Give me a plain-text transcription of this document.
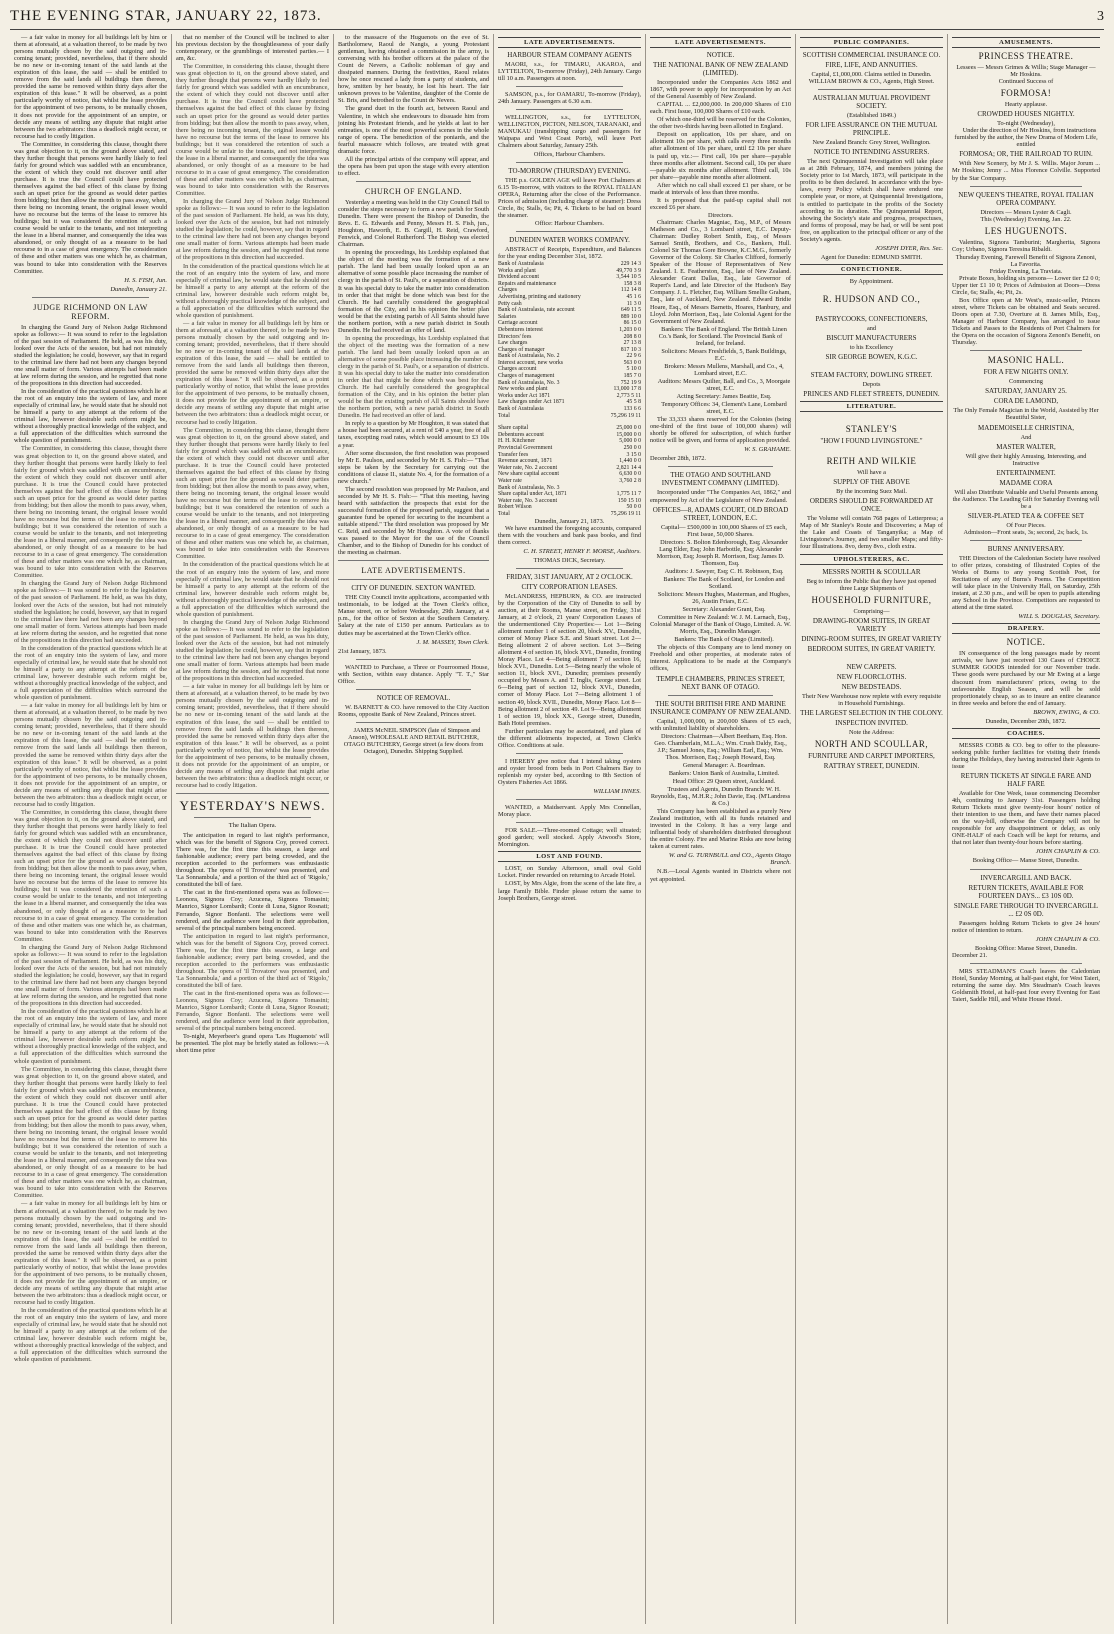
THE EVENING STAR, JANUARY 22, 1873.	3

— a fair value in money for all buildings left by him or them at aforesaid, at a valuation thereof, to be made by two persons mutually chosen by the said outgoing and in-coming tenant; provided, nevertheless, that if there should be no new or in-coming tenant of the said lands at the expiration of this lease, the said — shall be entitled to remove from the said lands all buildings then thereon, provided the same be removed within thirty days after the expiration of this lease." It will be observed, as a point particularly worthy of notice, that whilst the lease provides for the appointment of two persons, to be mutually chosen, it does not provide for the appointment of an umpire, or decide any means of settling any dispute that might arise between the two arbitrators: thus a deadlock might occur, or recourse had to costly litigation.

The Committee, in considering this clause, thought there was great objection to it, on the ground above stated, and they further thought that persons were hardly likely to feel fairly for ground which was saddled with an encumbrance, the extent of which they could not discover until after purchase. It is true the Council could have protected themselves against the bad effect of this clause by fixing such an upset price for the ground as would deter parties from bidding; but then allow the month to pass away, when, there being no incoming tenant, the original lessee would have no recourse but the terms of the lease to remove his buildings; but it was considered the retention of such a course would be unfair to the tenants, and not interpreting the lease in a liberal manner, and consequently the idea was abandoned, or only thought of as a measure to be had recourse to in a case of great emergency. The consideration of these and other matters was one which he, as chairman, was bound to take into consideration with the Reserves Committee.

H. S. FISH, Jun.
Dunedin, January 21.
JUDGE RICHMOND ON LAW REFORM.

In charging the Grand Jury of Nelson Judge Richmond spoke as follows:— It was sound to refer to the legislation of the past session of Parliament. He held, as was his duty, looked over the Acts of the session, but had not minutely studied the legislation; he could, however, say that in regard to the criminal law there had not been any changes beyond one small matter of form. Various attempts had been made at law reform during the session, and he regretted that none of the propositions in this direction had succeeded.

In the consideration of the practical questions which lie at the root of an enquiry into the system of law, and more especially of criminal law, he would state that he should not be himself a party to any attempt at the reform of the criminal law, however desirable such reform might be, without a thoroughly practical knowledge of the subject, and a full appreciation of the difficulties which surround the whole question of punishment.

The Committee, in considering this clause, thought there was great objection to it, on the ground above stated, and they further thought that persons were hardly likely to feel fairly for ground which was saddled with an encumbrance, the extent of which they could not discover until after purchase. It is true the Council could have protected themselves against the bad effect of this clause by fixing such an upset price for the ground as would deter parties from bidding; but then allow the month to pass away, when, there being no incoming tenant, the original lessee would have no recourse but the terms of the lease to remove his buildings; but it was considered the retention of such a course would be unfair to the tenants, and not interpreting the lease in a liberal manner, and consequently the idea was abandoned, or only thought of as a measure to be had recourse to in a case of great emergency. The consideration of these and other matters was one which he, as chairman, was bound to take into consideration with the Reserves Committee.

In charging the Grand Jury of Nelson Judge Richmond spoke as follows:— It was sound to refer to the legislation of the past session of Parliament. He held, as was his duty, looked over the Acts of the session, but had not minutely studied the legislation; he could, however, say that in regard to the criminal law there had not been any changes beyond one small matter of form. Various attempts had been made at law reform during the session, and he regretted that none of the propositions in this direction had succeeded.

In the consideration of the practical questions which lie at the root of an enquiry into the system of law, and more especially of criminal law, he would state that he should not be himself a party to any attempt at the reform of the criminal law, however desirable such reform might be, without a thoroughly practical knowledge of the subject, and a full appreciation of the difficulties which surround the whole question of punishment.

— a fair value in money for all buildings left by him or them at aforesaid, at a valuation thereof, to be made by two persons mutually chosen by the said outgoing and in-coming tenant; provided, nevertheless, that if there should be no new or in-coming tenant of the said lands at the expiration of this lease, the said — shall be entitled to remove from the said lands all buildings then thereon, provided the same be removed within thirty days after the expiration of this lease." It will be observed, as a point particularly worthy of notice, that whilst the lease provides for the appointment of two persons, to be mutually chosen, it does not provide for the appointment of an umpire, or decide any means of settling any dispute that might arise between the two arbitrators: thus a deadlock might occur, or recourse had to costly litigation.

The Committee, in considering this clause, thought there was great objection to it, on the ground above stated, and they further thought that persons were hardly likely to feel fairly for ground which was saddled with an encumbrance, the extent of which they could not discover until after purchase. It is true the Council could have protected themselves against the bad effect of this clause by fixing such an upset price for the ground as would deter parties from bidding; but then allow the month to pass away, when, there being no incoming tenant, the original lessee would have no recourse but the terms of the lease to remove his buildings; but it was considered the retention of such a course would be unfair to the tenants, and not interpreting the lease in a liberal manner, and consequently the idea was abandoned, or only thought of as a measure to be had recourse to in a case of great emergency. The consideration of these and other matters was one which he, as chairman, was bound to take into consideration with the Reserves Committee.

In charging the Grand Jury of Nelson Judge Richmond spoke as follows:— It was sound to refer to the legislation of the past session of Parliament. He held, as was his duty, looked over the Acts of the session, but had not minutely studied the legislation; he could, however, say that in regard to the criminal law there had not been any changes beyond one small matter of form. Various attempts had been made at law reform during the session, and he regretted that none of the propositions in this direction had succeeded.

In the consideration of the practical questions which lie at the root of an enquiry into the system of law, and more especially of criminal law, he would state that he should not be himself a party to any attempt at the reform of the criminal law, however desirable such reform might be, without a thoroughly practical knowledge of the subject, and a full appreciation of the difficulties which surround the whole question of punishment.

The Committee, in considering this clause, thought there was great objection to it, on the ground above stated, and they further thought that persons were hardly likely to feel fairly for ground which was saddled with an encumbrance, the extent of which they could not discover until after purchase. It is true the Council could have protected themselves against the bad effect of this clause by fixing such an upset price for the ground as would deter parties from bidding; but then allow the month to pass away, when, there being no incoming tenant, the original lessee would have no recourse but the terms of the lease to remove his buildings; but it was considered the retention of such a course would be unfair to the tenants, and not interpreting the lease in a liberal manner, and consequently the idea was abandoned, or only thought of as a measure to be had recourse to in a case of great emergency. The consideration of these and other matters was one which he, as chairman, was bound to take into consideration with the Reserves Committee.

— a fair value in money for all buildings left by him or them at aforesaid, at a valuation thereof, to be made by two persons mutually chosen by the said outgoing and in-coming tenant; provided, nevertheless, that if there should be no new or in-coming tenant of the said lands at the expiration of this lease, the said — shall be entitled to remove from the said lands all buildings then thereon, provided the same be removed within thirty days after the expiration of this lease." It will be observed, as a point particularly worthy of notice, that whilst the lease provides for the appointment of two persons, to be mutually chosen, it does not provide for the appointment of an umpire, or decide any means of settling any dispute that might arise between the two arbitrators: thus a deadlock might occur, or recourse had to costly litigation.

In the consideration of the practical questions which lie at the root of an enquiry into the system of law, and more especially of criminal law, he would state that he should not be himself a party to any attempt at the reform of the criminal law, however desirable such reform might be, without a thoroughly practical knowledge of the subject, and a full appreciation of the difficulties which surround the whole question of punishment.

that no member of the Council will be inclined to alter his previous decision by the thoughtlessness of your daily contemporary, or the grumblings of interested parties.— I am, &c.

The Committee, in considering this clause, thought there was great objection to it, on the ground above stated, and they further thought that persons were hardly likely to feel fairly for ground which was saddled with an encumbrance, the extent of which they could not discover until after purchase. It is true the Council could have protected themselves against the bad effect of this clause by fixing such an upset price for the ground as would deter parties from bidding; but then allow the month to pass away, when, there being no incoming tenant, the original lessee would have no recourse but the terms of the lease to remove his buildings; but it was considered the retention of such a course would be unfair to the tenants, and not interpreting the lease in a liberal manner, and consequently the idea was abandoned, or only thought of as a measure to be had recourse to in a case of great emergency. The consideration of these and other matters was one which he, as chairman, was bound to take into consideration with the Reserves Committee.

In charging the Grand Jury of Nelson Judge Richmond spoke as follows:— It was sound to refer to the legislation of the past session of Parliament. He held, as was his duty, looked over the Acts of the session, but had not minutely studied the legislation; he could, however, say that in regard to the criminal law there had not been any changes beyond one small matter of form. Various attempts had been made at law reform during the session, and he regretted that none of the propositions in this direction had succeeded.

In the consideration of the practical questions which lie at the root of an enquiry into the system of law, and more especially of criminal law, he would state that he should not be himself a party to any attempt at the reform of the criminal law, however desirable such reform might be, without a thoroughly practical knowledge of the subject, and a full appreciation of the difficulties which surround the whole question of punishment.

— a fair value in money for all buildings left by him or them at aforesaid, at a valuation thereof, to be made by two persons mutually chosen by the said outgoing and in-coming tenant; provided, nevertheless, that if there should be no new or in-coming tenant of the said lands at the expiration of this lease, the said — shall be entitled to remove from the said lands all buildings then thereon, provided the same be removed within thirty days after the expiration of this lease." It will be observed, as a point particularly worthy of notice, that whilst the lease provides for the appointment of two persons, to be mutually chosen, it does not provide for the appointment of an umpire, or decide any means of settling any dispute that might arise between the two arbitrators: thus a deadlock might occur, or recourse had to costly litigation.

The Committee, in considering this clause, thought there was great objection to it, on the ground above stated, and they further thought that persons were hardly likely to feel fairly for ground which was saddled with an encumbrance, the extent of which they could not discover until after purchase. It is true the Council could have protected themselves against the bad effect of this clause by fixing such an upset price for the ground as would deter parties from bidding; but then allow the month to pass away, when, there being no incoming tenant, the original lessee would have no recourse but the terms of the lease to remove his buildings; but it was considered the retention of such a course would be unfair to the tenants, and not interpreting the lease in a liberal manner, and consequently the idea was abandoned, or only thought of as a measure to be had recourse to in a case of great emergency. The consideration of these and other matters was one which he, as chairman, was bound to take into consideration with the Reserves Committee.

In the consideration of the practical questions which lie at the root of an enquiry into the system of law, and more especially of criminal law, he would state that he should not be himself a party to any attempt at the reform of the criminal law, however desirable such reform might be, without a thoroughly practical knowledge of the subject, and a full appreciation of the difficulties which surround the whole question of punishment.

In charging the Grand Jury of Nelson Judge Richmond spoke as follows:— It was sound to refer to the legislation of the past session of Parliament. He held, as was his duty, looked over the Acts of the session, but had not minutely studied the legislation; he could, however, say that in regard to the criminal law there had not been any changes beyond one small matter of form. Various attempts had been made at law reform during the session, and he regretted that none of the propositions in this direction had succeeded.

— a fair value in money for all buildings left by him or them at aforesaid, at a valuation thereof, to be made by two persons mutually chosen by the said outgoing and in-coming tenant; provided, nevertheless, that if there should be no new or in-coming tenant of the said lands at the expiration of this lease, the said — shall be entitled to remove from the said lands all buildings then thereon, provided the same be removed within thirty days after the expiration of this lease." It will be observed, as a point particularly worthy of notice, that whilst the lease provides for the appointment of two persons, to be mutually chosen, it does not provide for the appointment of an umpire, or decide any means of settling any dispute that might arise between the two arbitrators: thus a deadlock might occur, or recourse had to costly litigation.

YESTERDAY'S NEWS.
The Italian Opera.

The anticipation in regard to last night's performance, which was for the benefit of Signora Coy, proved correct. There was, for the first time this season, a large and fashionable audience; every part being crowded, and the reception accorded to the performers was enthusiastic throughout. The opera of 'Il Trovatore' was presented, and 'La Sonnambula,' and a portion of the third act of 'Rigolo,' constituted the bill of fare.

The cast in the first-mentioned opera was as follows:—Leonora, Signora Coy; Azucena, Signora Tomasini; Manrico, Signor Lombardi; Conte di Luna, Signor Rosnati; Ferrando, Signor Bonfanti. The selections were well rendered, and the audience were loud in their approbation, several of the principal numbers being encored.

The anticipation in regard to last night's performance, which was for the benefit of Signora Coy, proved correct. There was, for the first time this season, a large and fashionable audience; every part being crowded, and the reception accorded to the performers was enthusiastic throughout. The opera of 'Il Trovatore' was presented, and 'La Sonnambula,' and a portion of the third act of 'Rigolo,' constituted the bill of fare.

The cast in the first-mentioned opera was as follows:—Leonora, Signora Coy; Azucena, Signora Tomasini; Manrico, Signor Lombardi; Conte di Luna, Signor Rosnati; Ferrando, Signor Bonfanti. The selections were well rendered, and the audience were loud in their approbation, several of the principal numbers being encored.

To-night, Meyerbeer's grand opera 'Les Huguenots' will be presented. The plot may be briefly stated as follows:—A short time prior

to the massacre of the Huguenots on the eve of St. Bartholomew, Raoul de Nangis, a young Protestant gentleman, having obtained a commission in the army, is conversing with his brother officers at the palace of the Count de Nevers, a Catholic nobleman of gay and dissipated manners. During the festivities, Raoul relates how he once rescued a lady from a party of students, and how, smitten by her beauty, he lost his heart. The fair unknown proves to be Valentine, daughter of the Comte de St. Bris, and betrothed to the Count de Nevers.

The grand duet in the fourth act, between Raoul and Valentine, in which she endeavours to dissuade him from joining his Protestant friends, and he yields at last to her entreaties, is one of the most powerful scenes in the whole range of opera. The benediction of the poniards, and the fearful massacre which follows, are treated with great dramatic force.

All the principal artists of the company will appear, and the opera has been put upon the stage with every attention to effect.

CHURCH OF ENGLAND.

Yesterday a meeting was held in the City Council Hall to consider the steps necessary to form a new parish for South Dunedin. There were present the Bishop of Dunedin, the Revs. E. G. Edwards and Penny, Messrs H. S. Fish, jun., Houghton, Haworth, E. B. Cargill, H. Reid, Crawford, Fenwick, and Colonel Rutherford. The Bishop was elected Chairman.

In opening the proceedings, his Lordship explained that the object of the meeting was the formation of a new parish. The land had been usually looked upon as an alternative of some possible place increasing the number of clergy in the parish of St. Paul's, or a separation of districts. It was his special duty to take the matter into consideration in order that that might be done which was best for the Church. He had carefully considered the geographical formation of the City, and in his opinion the better plan would be that the existing parish of All Saints should have the northern portion, with a new parish district in South Dunedin. He had received an offer of land.

In opening the proceedings, his Lordship explained that the object of the meeting was the formation of a new parish. The land had been usually looked upon as an alternative of some possible place increasing the number of clergy in the parish of St. Paul's, or a separation of districts. It was his special duty to take the matter into consideration in order that that might be done which was best for the Church. He had carefully considered the geographical formation of the City, and in his opinion the better plan would be that the existing parish of All Saints should have the northern portion, with a new parish district in South Dunedin. He had received an offer of land.

In reply to a question by Mr Houghton, it was stated that a house had been secured, at a rent of £40 a year, free of all taxes, excepting road rates, which would amount to £3 10s a year.

After some discussion, the first resolution was proposed by Mr E. Paulson, and seconded by Mr H. S. Fish:— "That steps be taken by the Secretary for carrying out the conditions of clause II., statute No. 4, for the formation of a new church."

The second resolution was proposed by Mr Paulson, and seconded by Mr H. S. Fish:— "That this meeting, having heard with satisfaction the prospects that exist for the successful formation of the proposed parish, suggest that a guarantee fund be opened for securing to the incumbent a suitable stipend." The third resolution was proposed by Mr C. Reid, and seconded by Mr Houghton. A vote of thanks was passed to the Mayor for the use of the Council Chamber, and to the Bishop of Dunedin for his conduct of the meeting as chairman.

LATE ADVERTISEMENTS.
CITY OF DUNEDIN. SEXTON WANTED.

THE City Council invite applications, accompanied with testimonials, to be lodged at the Town Clerk's office, Manse street, on or before Wednesday, 29th January, at 4 p.m., for the office of Sexton at the Southern Cemetery. Salary at the rate of £150 per annum. Particulars as to duties may be ascertained at the Town Clerk's office.

J. M. MASSEY, Town Clerk.
21st January, 1873.

WANTED to Purchase, a Three or Fourroomed House, with Section, within easy distance. Apply "T. T.," Star Office.

NOTICE OF REMOVAL.

W. BARNETT & CO. have removed to the City Auction Rooms, opposite Bank of New Zealand, Princes street.

JAMES McNEIL SIMPSON (late of Simpson and Anson), WHOLESALE AND RETAIL BUTCHER, OTAGO BUTCHERY, George street (a few doors from Octagon), Dunedin. Shipping Supplied.

LATE ADVERTISEMENTS.
HARBOUR STEAM COMPANY AGENTS

MAORI, s.s., for TIMARU, AKAROA, and LYTTELTON, To-morrow (Friday), 24th January. Cargo till 10 a.m. Passengers at noon.

SAMSON, p.s., for OAMARU, To-morrow (Friday), 24th January. Passengers at 6.30 a.m.

WELLINGTON, s.s., for LYTTELTON, WELLINGTON, PICTON, NELSON, TARANAKI, and MANUKAU (transhipping cargo and passengers for Waipapa and West Coast Ports), will leave Port Chalmers about Saturday, January 25th.

Offices, Harbour Chambers.
TO-MORROW (THURSDAY) EVENING.

THE p.s. GOLDEN AGE will leave Port Chalmers at 6.15 To-morrow, with visitors to the ROYAL ITALIAN OPERA, Returning after the close of the Performance. Prices of admission (including charge of steamer): Dress Circle, 8s; Stalls, 6s; Pit, 4. Tickets to be had on board the steamer.

Office: Harbour Chambers.
DUNEDIN WATER WORKS COMPANY.

ABSTRACT of Receipts, Expenditure, and Balances for the year ending December 31st, 1872.

Bank of Australasia	229 14 3
Works and plant	49,770 3 9
Dividend account	3,544 10 5
Repairs and maintenance	158 3 8
Charges	112 14 8
Advertising, printing and stationery	45 1 6
Petty cash	11 3 0
Bank of Australasia, rate account	649 11 5
Salaries	889 10 0
Carriage account	86 15 0
Debentures interest	1,203 0 0
Directors' fees	208 8 0
Law charges	27 13 8
Charges of manager	817 10 3
Bank of Australasia, No. 2	22 9 6
Interest account, new works	563 0 0
Charges account	5 10 0
Charges of management	185 7 0
Bank of Australasia, No. 3	752 19 9
New works and plant	13,000 17 8
Works under Act 1871	2,773 5 11
Law charges under Act 1871	45 5 8
Bank of Australasia	133 6 6
Total	75,296 19 11
Share capital	25,000 0 0
Debentures account	15,000 0 0
H. H. Kitchener	5,000 0 0
Provincial Government	250 0 0
Transfer fees	3 15 0
Revenue account, 1871	1,440 0 0
Water rate, No. 2 account	2,821 14 4
New share capital account	6,630 0 0
Water rate	3,760 2 8
Bank of Australasia, No. 3	
Share capital under Act, 1871	1,775 11 7
Water rate, No. 3 account	150 15 10
Robert Wilson	50 0 0
Total	75,296 19 11
Dunedin, January 21, 1873.

We have examined the foregoing accounts, compared them with the vouchers and bank pass books, and find them correct.

C. H. STREET, HENRY F. MORSE, Auditors.
THOMAS DICK, Secretary.
FRIDAY, 31ST JANUARY, AT 2 O'CLOCK.
CITY CORPORATION LEASES.

McLANDRESS, HEPBURN, & CO. are instructed by the Corporation of the City of Dunedin to sell by auction, at their Rooms, Manse street, on Friday, 31st January, at 2 o'clock, 21 years' Corporation Leases of the undermentioned City Properties:— Lot 1—Being allotment number 1 of section 20, block XV., Dunedin, corner of Moray Place S.E. and Stuart street. Lot 2—Being allotment 2 of above section. Lot 3—Being allotment 4 of section 16, block XVI., Dunedin, fronting Moray Place. Lot 4—Being allotment 7 of section 16, block XVI., Dunedin. Lot 5—Being nearly the whole of section 11, block XVI., Dunedin; premises presently occupied by Messrs A. and T. Inglis, George street. Lot 6—Being part of section 12, block XVI., Dunedin, corner of Moray Place. Lot 7—Being allotment 1 of section 49, block XVII., Dunedin, Moray Place. Lot 8—Being allotment 2 of section 49. Lot 9—Being allotment 1 of section 19, block XX., George street, Dunedin, Bath Hotel premises.

Further particulars may be ascertained, and plans of the different allotments inspected, at Town Clerk's Office. Conditions at sale.

I HEREBY give notice that I intend taking oysters and oyster brood from beds in Port Chalmers Bay to replenish my oyster bed, according to 8th Section of Oysters Fisheries Act 1866.

WILLIAM INNES.

WANTED, a Maidservant. Apply Mrs Connellan, Moray place.

FOR SALE.—Three-roomed Cottage; well situated; good garden; well stocked. Apply Atwood's Store, Mornington.

LOST AND FOUND.

LOST, on Sunday Afternoon, small oval Gold Locket. Finder rewarded on returning to Arcade Hotel.

LOST, by Mrs Algie, from the scene of the late fire, a large Family Bible. Finder please return the same to Joseph Brothers, George street.

LATE ADVERTISEMENTS.
NOTICE.
THE NATIONAL BANK OF NEW ZEALAND (LIMITED).

Incorporated under the Companies Acts 1862 and 1867, with power to apply for incorporation by an Act of the General Assembly of New Zealand.

CAPITAL ... £2,000,000. In 200,000 Shares of £10 each. First Issue, 100,000 Shares of £10 each.

Of which one-third will be reserved for the Colonies, the other two-thirds having been allotted in England.

Deposit on application, 10s per share, and on allotment 10s per share, with calls every three months after allotment of 10s per share, until £2 10s per share is paid up, viz.:— First call, 10s per share—payable three months after allotment. Second call, 10s per share—payable six months after allotment. Third call, 10s per share—payable nine months after allotment.

After which no call shall exceed £1 per share, or be made at intervals of less than three months.

It is proposed that the paid-up capital shall not exceed £6 per share.

Directors.

Chairman: Charles Magniac, Esq., M.P., of Messrs Matheson and Co., 3 Lombard street, E.C. Deputy-Chairman: Dudley Robert Smith, Esq., of Messrs Samuel Smith, Brothers, and Co., Bankers, Hull. Colonel Sir Thomas Gore Browne, K.C.M.G., formerly Governor of the Colony. Sir Charles Clifford, formerly Speaker of the House of Representatives of New Zealand. I. E. Featherston, Esq., late of New Zealand. Alexander Grant Dallas, Esq., late Governor of Rupert's Land, and late Director of the Hudson's Bay Company. J. L. Fletcher, Esq. William Smellie Graham, Esq., late of Auckland, New Zealand. Edward Bridie Hoare, Esq., of Messrs Barnetts, Hoares, Hanbury, and Lloyd. John Morrison, Esq., late Colonial Agent for the Government of New Zealand.

Bankers: The Bank of England. The British Linen Co.'s Bank, for Scotland. The Provincial Bank of Ireland, for Ireland.

Solicitors: Messrs Freshfields, 5, Bank Buildings, E.C.

Brokers: Messrs Mullens, Marshall, and Co., 4, Lombard street, E.C.

Auditors: Messrs Quilter, Ball, and Co., 3, Moorgate street, E.C.

Acting Secretary: James Beattie, Esq.

Temporary Offices: 34, Clement's Lane, Lombard street, E.C.

The 33,333 shares reserved for the Colonies (being one-third of the first issue of 100,000 shares) will shortly be offered for subscription, of which further notice will be given, and forms of application provided.

W. S. GRAHAME.
December 28th, 1872.
THE OTAGO AND SOUTHLAND INVESTMENT COMPANY (LIMITED).

Incorporated under "The Companies Act, 1862," and empowered by Act of the Legislature of New Zealand.

OFFICES—8, ADAMS COURT, OLD BROAD STREET, LONDON, E.C.

Capital— £500,000 in 100,000 Shares of £5 each, First Issue, 50,000 Shares.

Directors: S. Bolton Edenborough, Esq; Alexander Lang Elder, Esq; John Harbottle, Esq; Alexander Morrison, Esq; Joseph R. Morrison, Esq; James D. Thomson, Esq.

Auditors: J. Sawyer, Esq; C. H. Robinson, Esq.

Bankers: The Bank of Scotland, for London and Scotland.

Solicitors: Messrs Hughes, Masterman, and Hughes, 26, Austin Friars, E.C.

Secretary: Alexander Grant, Esq.

Committee in New Zealand: W. J. M. Larnach, Esq., Colonial Manager of the Bank of Otago, Limited. A. W. Morris, Esq., Dunedin Manager.

Bankers: The Bank of Otago (Limited).

The objects of this Company are to lend money on Freehold and other properties, at moderate rates of interest. Applications to be made at the Company's offices,

TEMPLE CHAMBERS, PRINCES STREET, NEXT BANK OF OTAGO.
THE SOUTH BRITISH FIRE AND MARINE INSURANCE COMPANY OF NEW ZEALAND.

Capital, 1,000,000, in 200,000 Shares of £5 each, with unlimited liability of shareholders.

Directors: Chairman—Albert Beetham, Esq. Hon. Geo. Chamberlain, M.L.A.; Wm. Crush Daldy, Esq., J.P.; Samuel Jones, Esq.; William Earl, Esq.; Wm. Thos. Morrison, Esq.; Joseph Howard, Esq.

General Manager: A. Boardman.

Bankers: Union Bank of Australia, Limited.

Head Office: 29 Queen street, Auckland.

Trustees and Agents, Dunedin Branch: W. H. Reynolds, Esq., M.H.R.; John Davie, Esq. (M'Landress & Co.)

This Company has been established as a purely New Zealand institution, with all its funds retained and invested in the Colony. It has a very large and influential body of shareholders distributed throughout the entire Colony. Fire and Marine Risks are now being taken at current rates.

W. and G. TURNBULL and CO., Agents Otago Branch.

N.B.—Local Agents wanted in Districts where not yet appointed.

PUBLIC COMPANIES.
SCOTTISH COMMERCIAL INSURANCE CO.
FIRE, LIFE, AND ANNUITIES.
Capital, £1,000,000. Claims settled in Dunedin.
WILLIAM BROWN & CO., Agents, High Street.
AUSTRALIAN MUTUAL PROVIDENT SOCIETY.
(Established 1849.)
FOR LIFE ASSURANCE ON THE MUTUAL PRINCIPLE.
New Zealand Branch: Grey Street, Wellington.
NOTICE TO INTENDING ASSURERS.

The next Quinquennial Investigation will take place as at 28th February, 1874, and members joining the Society prior to 1st March, 1873, will participate in the profits to be then declared. In accordance with the bye-laws, every Policy which shall have endured one complete year, or more, at Quinquennial Investigations, is entitled to participate in the profits of the Society according to its duration. The Quinquennial Report, showing the Society's state and progress, prospectuses, and forms of proposal, may be had, or will be sent post free, on application to the principal officer or any of the Society's agents.

JOSEPH DYER, Res. Sec.
Agent for Dunedin: EDMUND SMITH.
CONFECTIONER.
By Appointment.
R. HUDSON AND CO.,
PASTRYCOOKS, CONFECTIONERS,
and
BISCUIT MANUFACTURERS
to his Excellency
SIR GEORGE BOWEN, K.G.C.
STEAM FACTORY, DOWLING STREET.
Depots
PRINCES AND FLEET STREETS, DUNEDIN.
LITERATURE.
STANLEY'S
"HOW I FOUND LIVINGSTONE."
REITH AND WILKIE
Will have a
SUPPLY OF THE ABOVE
By the incoming Suez Mail.
ORDERS SHOULD BE FORWARDED AT ONCE.

The Volume will contain 768 pages of Letterpress; a Map of Mr Stanley's Route and Discoveries; a Map of the Lake and Coasts of Tanganyika; a Map of Livingstone's Journey, and two smaller Maps; and fifty-four Illustrations. 8vo, demy 8vo., cloth extra.

UPHOLSTERERS, &C.
MESSRS NORTH & SCOULLAR
Beg to inform the Public that they have just opened three Large Shipments of
HOUSEHOLD FURNITURE,
Comprising—
DRAWING-ROOM SUITES, IN GREAT VARIETY
DINING-ROOM SUITES, IN GREAT VARIETY
BEDROOM SUITES, IN GREAT VARIETY.
NEW CARPETS.
NEW FLOORCLOTHS.
NEW BEDSTEADS.
Their New Warehouse now replete with every requisite in Household Furnishings.
THE LARGEST SELECTION IN THE COLONY.
INSPECTION INVITED.
Note the Address:
NORTH AND SCOULLAR,
FURNITURE AND CARPET IMPORTERS,
RATTRAY STREET, DUNEDIN.
AMUSEMENTS.
PRINCESS THEATRE.
Lessees — Messrs Grimes & Willis; Stage Manager — Mr Hoskins.
Continued Success of
FORMOSA!
Hearty applause.
CROWDED HOUSES NIGHTLY.
To-night (Wednesday),

Under the direction of Mr Hoskins, from instructions furnished by the author, the New Drama of Modern Life, entitled

FORMOSA; OR, THE RAILROAD TO RUIN.

With New Scenery, by Mr J. S. Willis. Major Jorum ... Mr Hoskins; Jenny ... Miss Florence Colville. Supported by the Star Company.

NEW QUEEN'S THEATRE, ROYAL ITALIAN OPERA COMPANY.
Directors — Messrs Lyster & Cagli.
This (Wednesday) Evening, Jan. 22.
LES HUGUENOTS.

Valentina, Signora Tamburini; Margherita, Signora Coy; Urbano, Signora Teresina Ribaldi.

Thursday Evening, Farewell Benefit of Signora Zenoni, La Favorita.
Friday Evening, La Traviata.

Private Boxes, holding six persons— Lower tier £2 0 0; Upper tier £1 10 0; Prices of Admission at Doors—Dress Circle, 6s; Stalls, 4s; Pit, 2s.

Box Office open at Mr West's, music-seller, Princes street, where Tickets can be obtained and Seats secured. Doors open at 7.30, Overture at 8. James Mills, Esq., Manager of Harbour Company, has arranged to issue Tickets and Passes to the Residents of Port Chalmers for the Opera on the occasion of Signora Zenoni's Benefit, on Thursday.

MASONIC HALL.
FOR A FEW NIGHTS ONLY.
Commencing
SATURDAY, JANUARY 25.
CORA DE LAMOND,
The Only Female Magician in the World, Assisted by Her Beautiful Sister,
MADEMOISELLE CHRISTINA,
And
MASTER WALTER,
Will give their highly Amusing, Interesting, and Instructive
ENTERTAINMENT.
MADAME CORA
Will also Distribute Valuable and Useful Presents among the Audience. The Leading Gift for Saturday Evening will be a
SILVER-PLATED TEA & COFFEE SET
Of Four Pieces.
Admission—Front seats, 3s; second, 2s; back, 1s.
BURNS' ANNIVERSARY.

THE Directors of the Caledonian Society have resolved to offer prizes, consisting of Illustrated Copies of the Works of Burns to any young Scottish Poet, for Recitations of any of Burns's Poems. The Competition will take place in the University Hall, on Saturday, 25th instant, at 2.30 p.m., and will be open to pupils attending any School in the Province. Competitors are requested to attend at the time stated.

WILL S. DOUGLAS, Secretary.
DRAPERY.
NOTICE.

IN consequence of the long passages made by recent arrivals, we have just received 130 Cases of CHOICE SUMMER GOODS intended for our November trade. These goods were purchased by our Mr Ewing at a large discount from manufacturers' prices, owing to the unfavourable English Season, and will be sold proportionately cheap, so as to insure an entire clearance in three weeks and before the end of January.

BROWN, EWING, & CO.
Dunedin, December 20th, 1872.
COACHES.

MESSRS COBB & CO. beg to offer to the pleasure-seeking public further facilities for visiting their friends during the Holidays, they having instructed their Agents to issue

RETURN TICKETS AT SINGLE FARE AND HALF FARE

Available for One Week, issue commencing December 4th, continuing to January 31st. Passengers holding Return Tickets must give twenty-four hours' notice of their intention to use them, and have their names placed on the way-bill, otherwise the Company will not be responsible for any disappointment or delay, as only ONE-HALF of each Coach will be kept for returns, and that not later than twenty-four hours before starting.

JOHN CHAPLIN & CO.
Booking Office— Manse Street, Dunedin.
INVERCARGILL AND BACK.
RETURN TICKETS, AVAILABLE FOR FOURTEEN DAYS... £3 10S 0D.
SINGLE FARE THROUGH TO INVERCARGILL ... £2 0S 0D.

Passengers holding Return Tickets to give 24 hours' notice of intention to return.

JOHN CHAPLIN & CO.
Booking Office: Manse Street, Dunedin.
December 21.

MRS STEADMAN'S Coach leaves the Caledonian Hotel, Sunday Morning, at half-past eight, for West Taieri, returning the same day. Mrs Steadman's Coach leaves Goldsmith Hotel, at half-past four every Evening for East Taieri, Saddle Hill, and White House Hotel.
